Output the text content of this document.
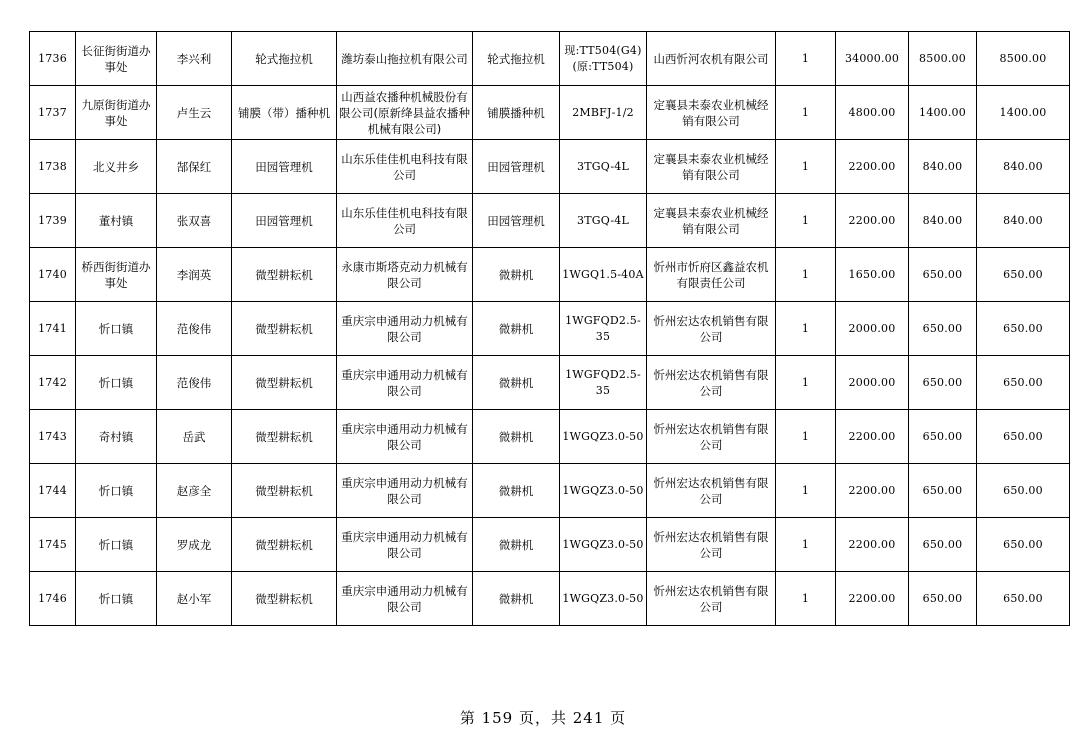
1736	长征街街道办事处	李兴利	轮式拖拉机	潍坊泰山拖拉机有限公司	轮式拖拉机	现:TT504(G4)(原:TT504)	山西忻河农机有限公司	1	34000.00	8500.00	8500.00
1737	九原街街道办事处	卢生云	铺膜（带）播种机	山西益农播种机械股份有限公司(原新绛县益农播种机械有限公司)	铺膜播种机	2MBFJ-1/2	定襄县耒泰农业机械经销有限公司	1	4800.00	1400.00	1400.00
1738	北义井乡	郜保红	田园管理机	山东乐佳佳机电科技有限公司	田园管理机	3TGQ-4L	定襄县耒泰农业机械经销有限公司	1	2200.00	840.00	840.00
1739	董村镇	张双喜	田园管理机	山东乐佳佳机电科技有限公司	田园管理机	3TGQ-4L	定襄县耒泰农业机械经销有限公司	1	2200.00	840.00	840.00
1740	桥西街街道办事处	李润英	微型耕耘机	永康市斯塔克动力机械有限公司	微耕机	1WGQ1.5-40A	忻州市忻府区鑫益农机有限责任公司	1	1650.00	650.00	650.00
1741	忻口镇	范俊伟	微型耕耘机	重庆宗申通用动力机械有限公司	微耕机	1WGFQD2.5-35	忻州宏达农机销售有限公司	1	2000.00	650.00	650.00
1742	忻口镇	范俊伟	微型耕耘机	重庆宗申通用动力机械有限公司	微耕机	1WGFQD2.5-35	忻州宏达农机销售有限公司	1	2000.00	650.00	650.00
1743	奇村镇	岳武	微型耕耘机	重庆宗申通用动力机械有限公司	微耕机	1WGQZ3.0-50	忻州宏达农机销售有限公司	1	2200.00	650.00	650.00
1744	忻口镇	赵彦全	微型耕耘机	重庆宗申通用动力机械有限公司	微耕机	1WGQZ3.0-50	忻州宏达农机销售有限公司	1	2200.00	650.00	650.00
1745	忻口镇	罗成龙	微型耕耘机	重庆宗申通用动力机械有限公司	微耕机	1WGQZ3.0-50	忻州宏达农机销售有限公司	1	2200.00	650.00	650.00
1746	忻口镇	赵小军	微型耕耘机	重庆宗申通用动力机械有限公司	微耕机	1WGQZ3.0-50	忻州宏达农机销售有限公司	1	2200.00	650.00	650.00
第 159 页，共 241 页
